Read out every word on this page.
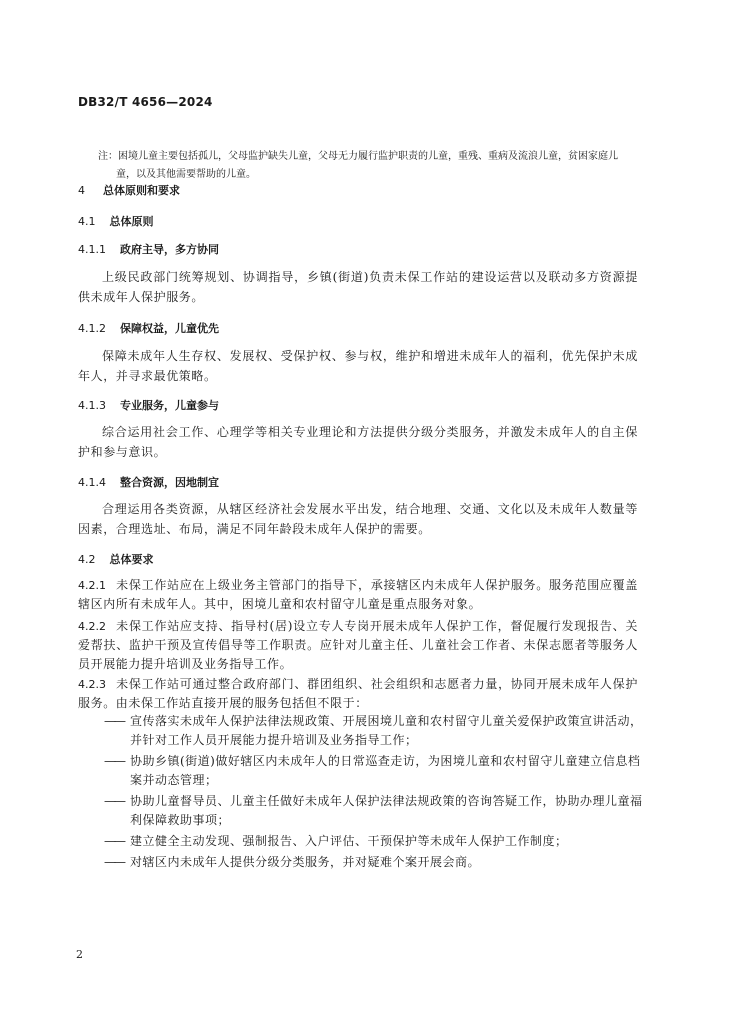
DB32/T 4656—2024
注：困境儿童主要包括孤儿，父母监护缺失儿童，父母无力履行监护职责的儿童，重残、重病及流浪儿童，贫困家庭儿
童，以及其他需要帮助的儿童。
4 总体原则和要求
4.1 总体原则
4.1.1 政府主导，多方协同
上级民政部门统筹规划、协调指导，乡镇(街道)负责未保工作站的建设运营以及联动多方资源提供未成年人保护服务。
4.1.2 保障权益，儿童优先
保障未成年人生存权、发展权、受保护权、参与权，维护和增进未成年人的福利，优先保护未成年人，并寻求最优策略。
4.1.3 专业服务，儿童参与
综合运用社会工作、心理学等相关专业理论和方法提供分级分类服务，并激发未成年人的自主保护和参与意识。
4.1.4 整合资源，因地制宜
合理运用各类资源，从辖区经济社会发展水平出发，结合地理、交通、文化以及未成年人数量等因素，合理选址、布局，满足不同年龄段未成年人保护的需要。
4.2 总体要求
4.2.1 未保工作站应在上级业务主管部门的指导下，承接辖区内未成年人保护服务。服务范围应覆盖辖区内所有未成年人。其中，困境儿童和农村留守儿童是重点服务对象。
4.2.2 未保工作站应支持、指导村(居)设立专人专岗开展未成年人保护工作，督促履行发现报告、关爱帮扶、监护干预及宣传倡导等工作职责。应针对儿童主任、儿童社会工作者、未保志愿者等服务人员开展能力提升培训及业务指导工作。
4.2.3 未保工作站可通过整合政府部门、群团组织、社会组织和志愿者力量，协同开展未成年人保护服务。由未保工作站直接开展的服务包括但不限于：
—— 宣传落实未成年人保护法律法规政策、开展困境儿童和农村留守儿童关爱保护政策宣讲活动，并针对工作人员开展能力提升培训及业务指导工作；
—— 协助乡镇(街道)做好辖区内未成年人的日常巡查走访，为困境儿童和农村留守儿童建立信息档案并动态管理；
—— 协助儿童督导员、儿童主任做好未成年人保护法律法规政策的咨询答疑工作，协助办理儿童福利保障救助事项；
—— 建立健全主动发现、强制报告、入户评估、干预保护等未成年人保护工作制度；
—— 对辖区内未成年人提供分级分类服务，并对疑难个案开展会商。
2
